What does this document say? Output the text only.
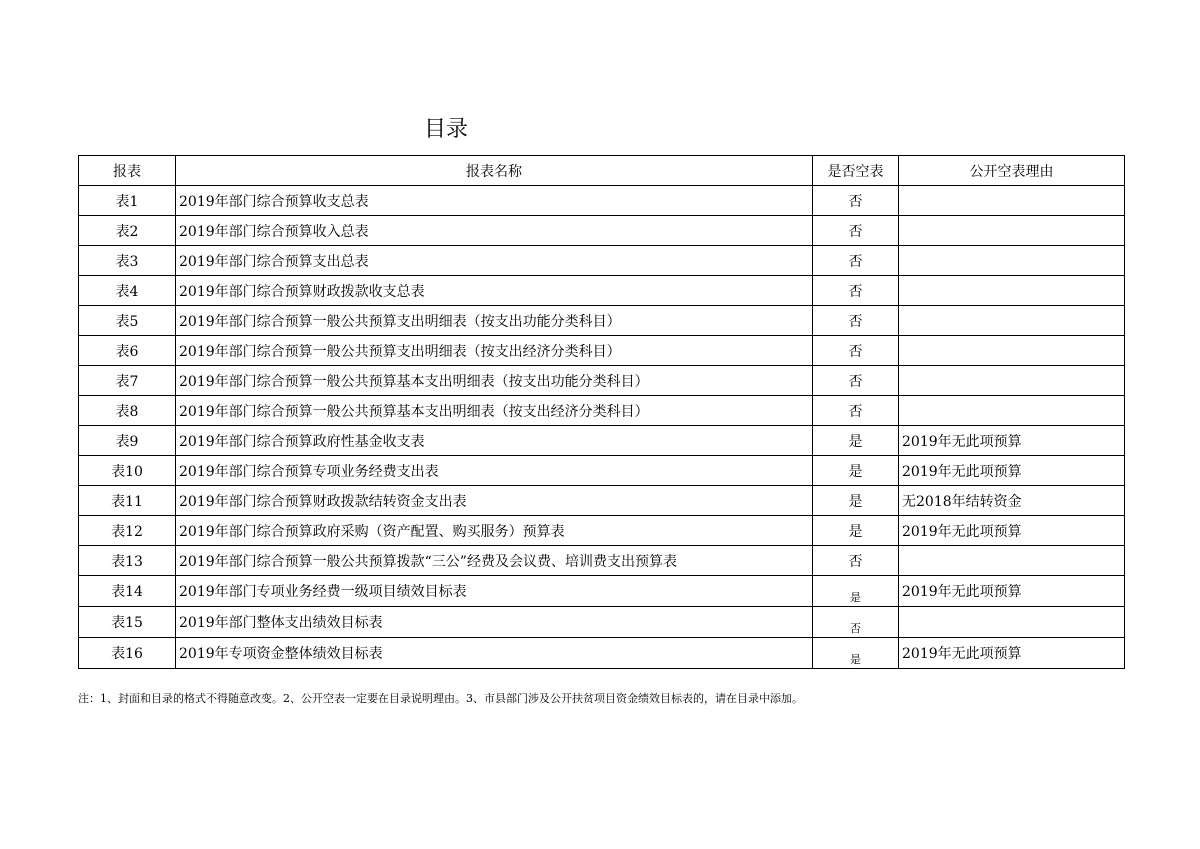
目录
报表	报表名称	是否空表	公开空表理由
表1	2019年部门综合预算收支总表	否	
表2	2019年部门综合预算收入总表	否	
表3	2019年部门综合预算支出总表	否	
表4	2019年部门综合预算财政拨款收支总表	否	
表5	2019年部门综合预算一般公共预算支出明细表（按支出功能分类科目）	否	
表6	2019年部门综合预算一般公共预算支出明细表（按支出经济分类科目）	否	
表7	2019年部门综合预算一般公共预算基本支出明细表（按支出功能分类科目）	否	
表8	2019年部门综合预算一般公共预算基本支出明细表（按支出经济分类科目）	否	
表9	2019年部门综合预算政府性基金收支表	是	2019年无此项预算
表10	2019年部门综合预算专项业务经费支出表	是	2019年无此项预算
表11	2019年部门综合预算财政拨款结转资金支出表	是	无2018年结转资金
表12	2019年部门综合预算政府采购（资产配置、购买服务）预算表	是	2019年无此项预算
表13	2019年部门综合预算一般公共预算拨款“三公”经费及会议费、培训费支出预算表	否	
表14	2019年部门专项业务经费一级项目绩效目标表	是	2019年无此项预算
表15	2019年部门整体支出绩效目标表	否	
表16	2019年专项资金整体绩效目标表	是	2019年无此项预算
注：1、封面和目录的格式不得随意改变。2、公开空表一定要在目录说明理由。3、市县部门涉及公开扶贫项目资金绩效目标表的，请在目录中添加。
